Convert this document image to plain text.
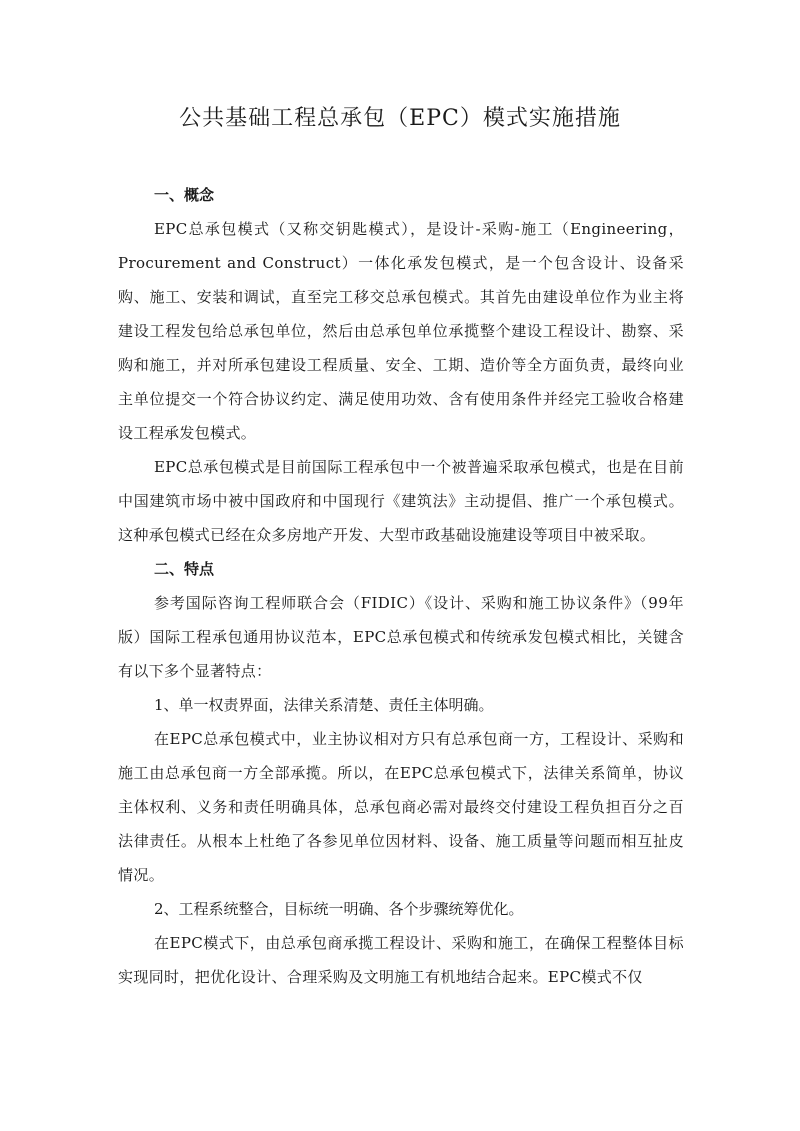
公共基础工程总承包（EPC）模式实施措施

一、概念

EPC总承包模式（又称交钥匙模式），是设计-采购-施工（Engineering，Procurement and Construct）一体化承发包模式，是一个包含设计、设备采购、施工、安装和调试，直至完工移交总承包模式。其首先由建设单位作为业主将建设工程发包给总承包单位，然后由总承包单位承揽整个建设工程设计、勘察、采购和施工，并对所承包建设工程质量、安全、工期、造价等全方面负责，最终向业主单位提交一个符合协议约定、满足使用功效、含有使用条件并经完工验收合格建设工程承发包模式。

EPC总承包模式是目前国际工程承包中一个被普遍采取承包模式，也是在目前中国建筑市场中被中国政府和中国现行《建筑法》主动提倡、推广一个承包模式。这种承包模式已经在众多房地产开发、大型市政基础设施建设等项目中被采取。

二、特点

参考国际咨询工程师联合会（FIDIC）《设计、采购和施工协议条件》（99年版）国际工程承包通用协议范本，EPC总承包模式和传统承发包模式相比，关键含有以下多个显著特点：

1、单一权责界面，法律关系清楚、责任主体明确。

在EPC总承包模式中，业主协议相对方只有总承包商一方，工程设计、采购和施工由总承包商一方全部承揽。所以，在EPC总承包模式下，法律关系简单，协议主体权利、义务和责任明确具体，总承包商必需对最终交付建设工程负担百分之百法律责任。从根本上杜绝了各参见单位因材料、设备、施工质量等问题而相互扯皮情况。

2、工程系统整合，目标统一明确、各个步骤统筹优化。

在EPC模式下，由总承包商承揽工程设计、采购和施工，在确保工程整体目标实现同时，把优化设计、合理采购及文明施工有机地结合起来。EPC模式不仅
